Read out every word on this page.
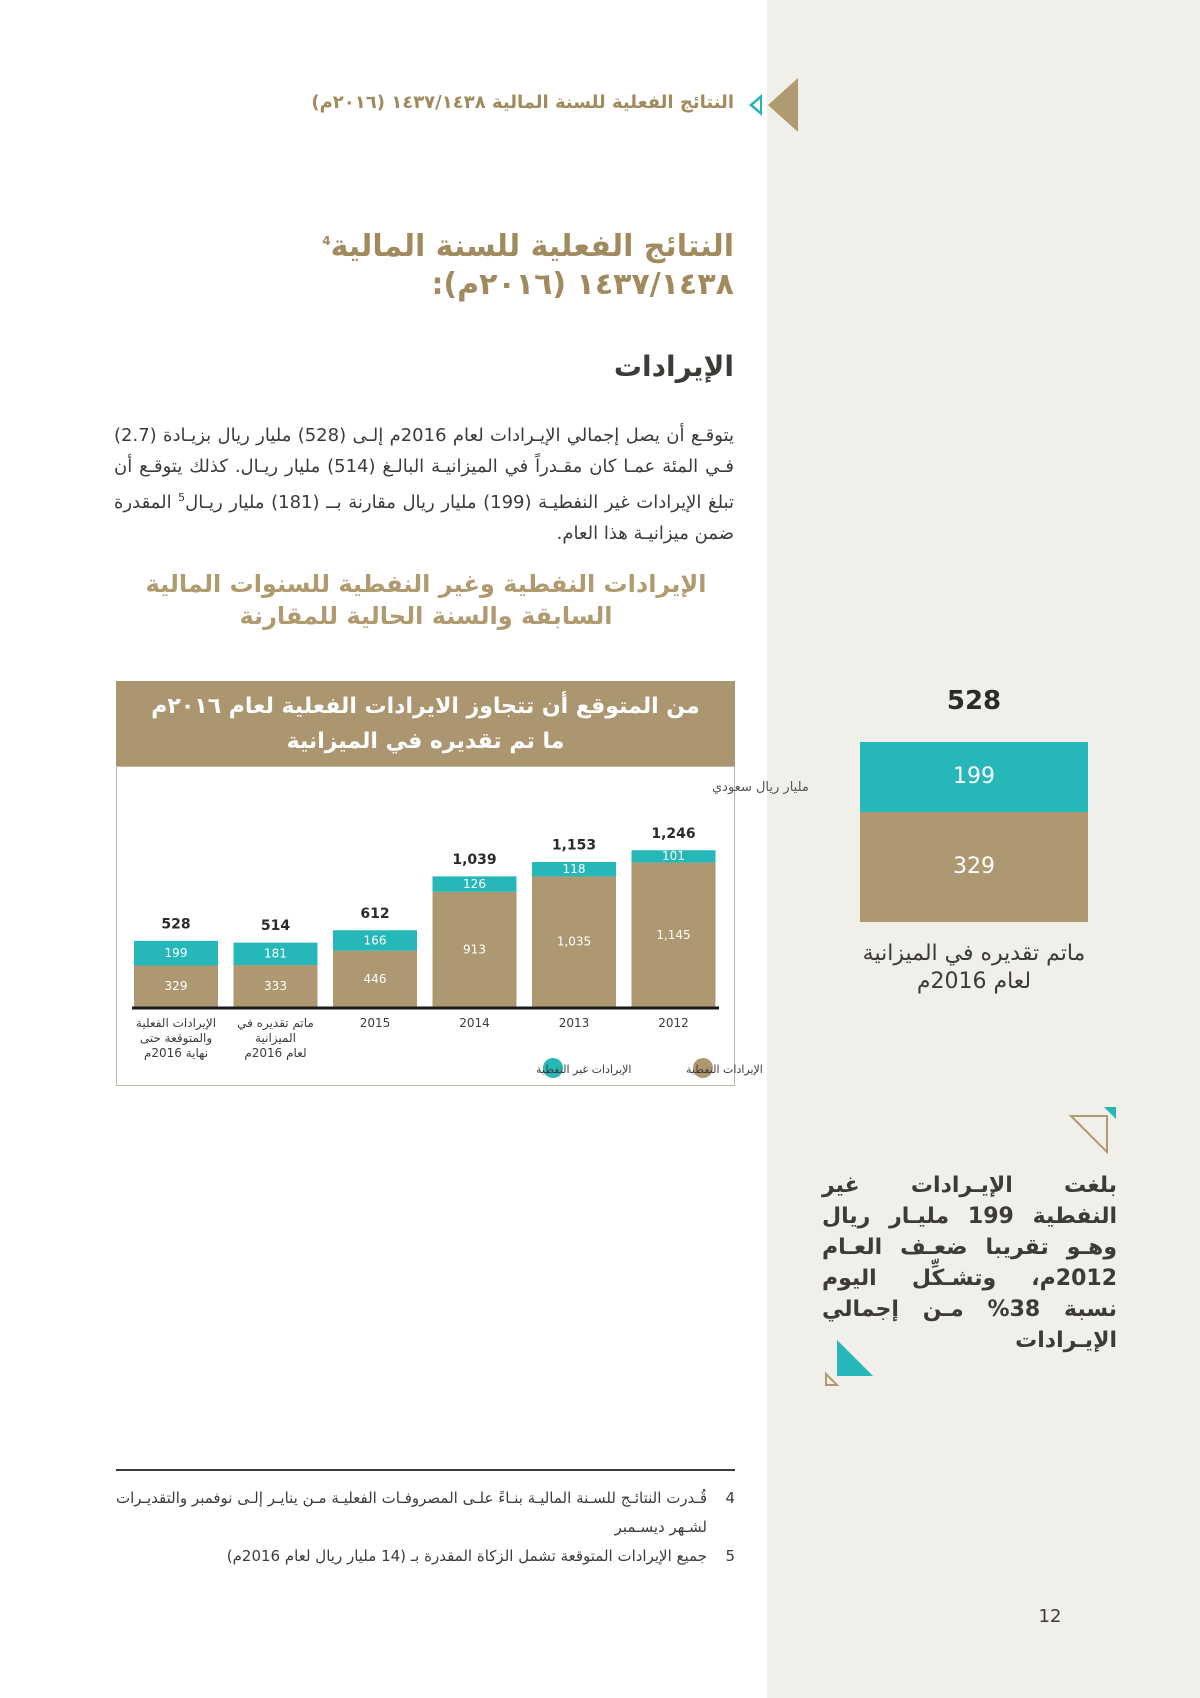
النتائج الفعلية للسنة المالية ١٤٣٧/١٤٣٨ (٢٠١٦م)
النتائج الفعلية للسنة المالية$^4$
١٤٣٧/١٤٣٨ (٢٠١٦م):
الإيرادات
يتوقـع أن يصل إجمالي الإيـرادات لعام 2016م إلـى (528) مليار ريال بزيـادة (2.7) فـي المئة عمـا كان مقـدراً في الميزانيـة البالـغ (514) مليار ريـال. كذلك يتوقـع أن تبلغ الإيرادات غير النفطيـة (199) مليار ريال مقارنة بــ (181) مليار ريـال$^5$ المقدرة ضمن ميزانيـة هذا العام.
الإيرادات النفطية وغير النفطية للسنوات المالية
السابقة والسنة الحالية للمقارنة
من المتوقع أن تتجاوز الايرادات الفعلية لعام ٢٠١٦م
ما تم تقديره في الميزانية
مليار ريال سعودي
329
199
528
الإيرادات الفعلية
والمتوقعة حتى
نهاية 2016م
333
181
514
ماتم تقديره في
الميزانية
لعام 2016م
446
166
612
2015
913
126
1,039
2014
1,035
118
1,153
2013
1,145
101
1,246
2012
الإيرادات النفطية
الإيرادات غير النفطية
528
199
329
ماتم تقديره في الميزانية لعام 2016م
بلغت الإيـرادات غير النفطية 199 مليـار ريال وهـو تقريبا ضعـف العـام 2012م، وتشـكِّل اليوم نسبة 38% مـن إجمالي الإيـرادات
4
قُـدرت النتائـج للسـنة الماليـة بنـاءً علـى المصروفـات الفعليـة مـن ينايـر إلـى نوفمبر والتقديـرات لشـهر ديسـمبر
5
جميع الإيرادات المتوقعة تشمل الزكاة المقدرة بـ (14 مليار ريال لعام 2016م)
12
